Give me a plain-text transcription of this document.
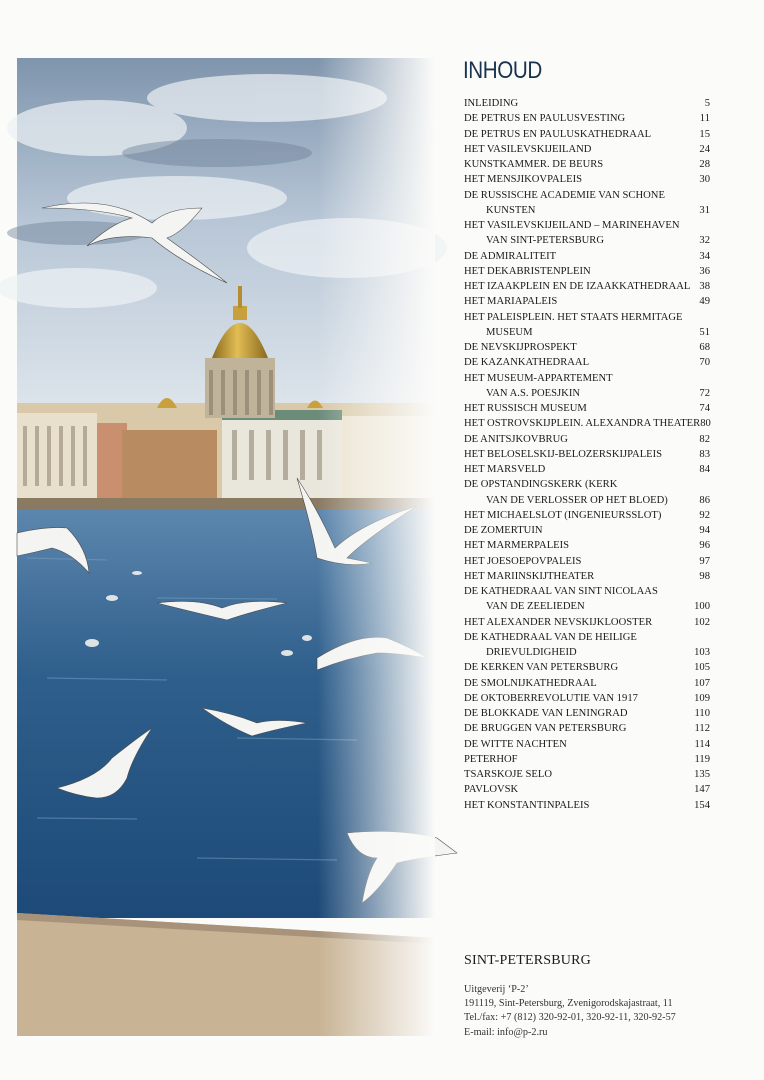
INHOUD
INLEIDING	5
DE PETRUS EN PAULUSVESTING	11
DE PETRUS EN PAULUSKATHEDRAAL	15
HET VASILEVSKIJEILAND	24
KUNSTKAMMER. DE BEURS	28
HET MENSJIKOVPALEIS	30
DE RUSSISCHE ACADEMIE VAN SCHONE
KUNSTEN	31
HET VASILEVSKIJEILAND – MARINEHAVEN
VAN SINT-PETERSBURG	32
DE ADMIRALITEIT	34
HET DEKABRISTENPLEIN	36
HET IZAAKPLEIN EN DE IZAAKKATHEDRAAL 38
HET MARIAPALEIS	49
HET PALEISPLEIN. HET STAATS HERMITAGE
MUSEUM	51
DE NEVSKIJPROSPEKT	68
DE KAZANKATHEDRAAL	70
HET MUSEUM-APPARTEMENT
VAN A.S. POESJKIN	72
HET RUSSISCH MUSEUM	74
HET OSTROVSKIJPLEIN. ALEXANDRA THEATER 80
DE ANITSJKOVBRUG	82
HET BELOSELSKIJ-BELOZERSKIJPALEIS	83
HET MARSVELD	84
DE OPSTANDINGSKERK (KERK
VAN DE VERLOSSER OP HET BLOED)	86
HET MICHAELSLOT (INGENIEURSSLOT)	92
DE ZOMERTUIN	94
HET MARMERPALEIS	96
HET JOESOEPOVPALEIS	97
HET MARIINSKIJTHEATER	98
DE KATHEDRAAL VAN SINT NICOLAAS
VAN DE ZEELIEDEN	100
HET ALEXANDER NEVSKIJKLOOSTER	102
DE KATHEDRAAL VAN DE HEILIGE
DRIEVULDIGHEID	103
DE KERKEN VAN PETERSBURG	105
DE SMOLNIJKATHEDRAAL	107
DE OKTOBERREVOLUTIE VAN 1917	109
DE BLOKKADE VAN LENINGRAD	110
DE BRUGGEN VAN PETERSBURG	112
DE WITTE NACHTEN	114
PETERHOF	119
TSARSKOJE SELO	135
PAVLOVSK	147
HET KONSTANTINPALEIS	154
SINT-PETERSBURG
Uitgeverij ‘P-2’
191119, Sint-Petersburg, Zvenigorodskajastraat, 11
Tel./fax: +7 (812) 320-92-01, 320-92-11, 320-92-57
E-mail: info@p-2.ru
